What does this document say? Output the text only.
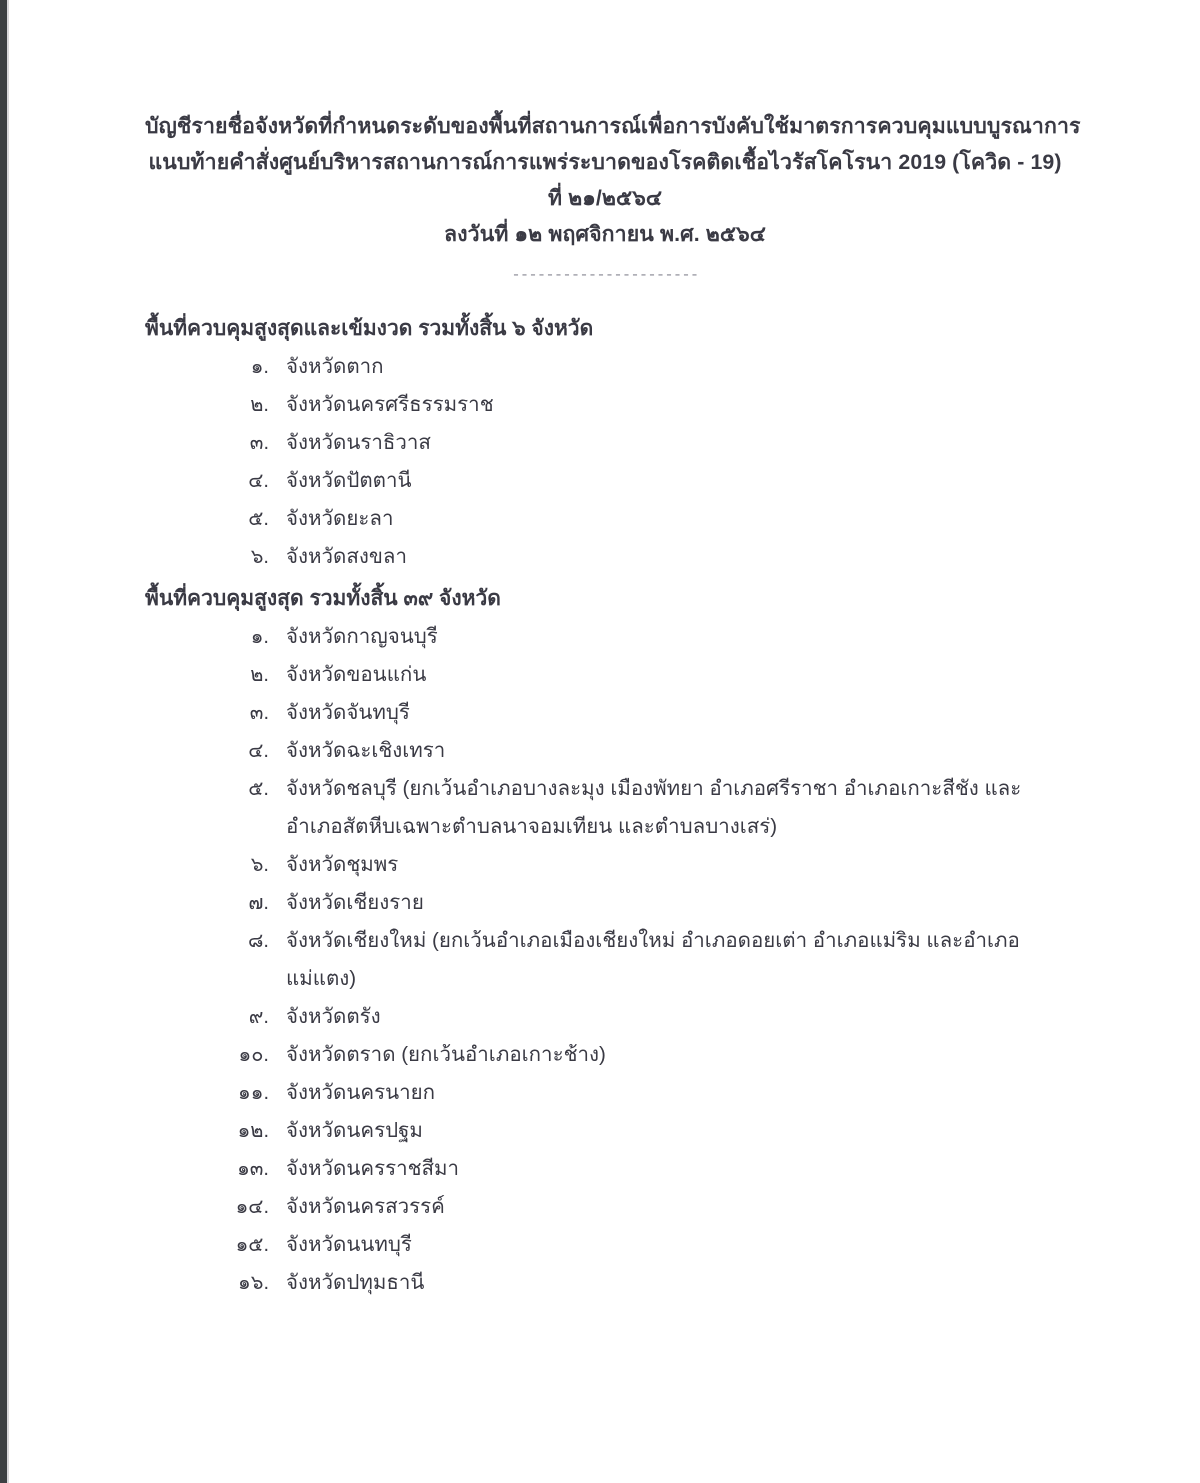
บัญชีรายชื่อจังหวัดที่กำหนดระดับของพื้นที่สถานการณ์เพื่อการบังคับใช้มาตรการควบคุมแบบบูรณาการ
แนบท้ายคำสั่งศูนย์บริหารสถานการณ์การแพร่ระบาดของโรคติดเชื้อไวรัสโคโรนา 2019 (โควิด - 19)
ที่ ๒๑/๒๕๖๔
ลงวันที่ ๑๒ พฤศจิกายน พ.ศ. ๒๕๖๔
----------------------
พื้นที่ควบคุมสูงสุดและเข้มงวด รวมทั้งสิ้น ๖ จังหวัด
๑. จังหวัดตาก
๒. จังหวัดนครศรีธรรมราช
๓. จังหวัดนราธิวาส
๔. จังหวัดปัตตานี
๕. จังหวัดยะลา
๖. จังหวัดสงขลา
พื้นที่ควบคุมสูงสุด รวมทั้งสิ้น ๓๙ จังหวัด
๑. จังหวัดกาญจนบุรี
๒. จังหวัดขอนแก่น
๓. จังหวัดจันทบุรี
๔. จังหวัดฉะเชิงเทรา
๕. จังหวัดชลบุรี (ยกเว้นอำเภอบางละมุง เมืองพัทยา อำเภอศรีราชา อำเภอเกาะสีชัง และอำเภอสัตหีบเฉพาะตำบลนาจอมเทียน และตำบลบางเสร่)
๖. จังหวัดชุมพร
๗. จังหวัดเชียงราย
๘. จังหวัดเชียงใหม่ (ยกเว้นอำเภอเมืองเชียงใหม่ อำเภอดอยเต่า อำเภอแม่ริม และอำเภอแม่แตง)
๙. จังหวัดตรัง
๑๐. จังหวัดตราด (ยกเว้นอำเภอเกาะช้าง)
๑๑. จังหวัดนครนายก
๑๒. จังหวัดนครปฐม
๑๓. จังหวัดนครราชสีมา
๑๔. จังหวัดนครสวรรค์
๑๕. จังหวัดนนทบุรี
๑๖. จังหวัดปทุมธานี
